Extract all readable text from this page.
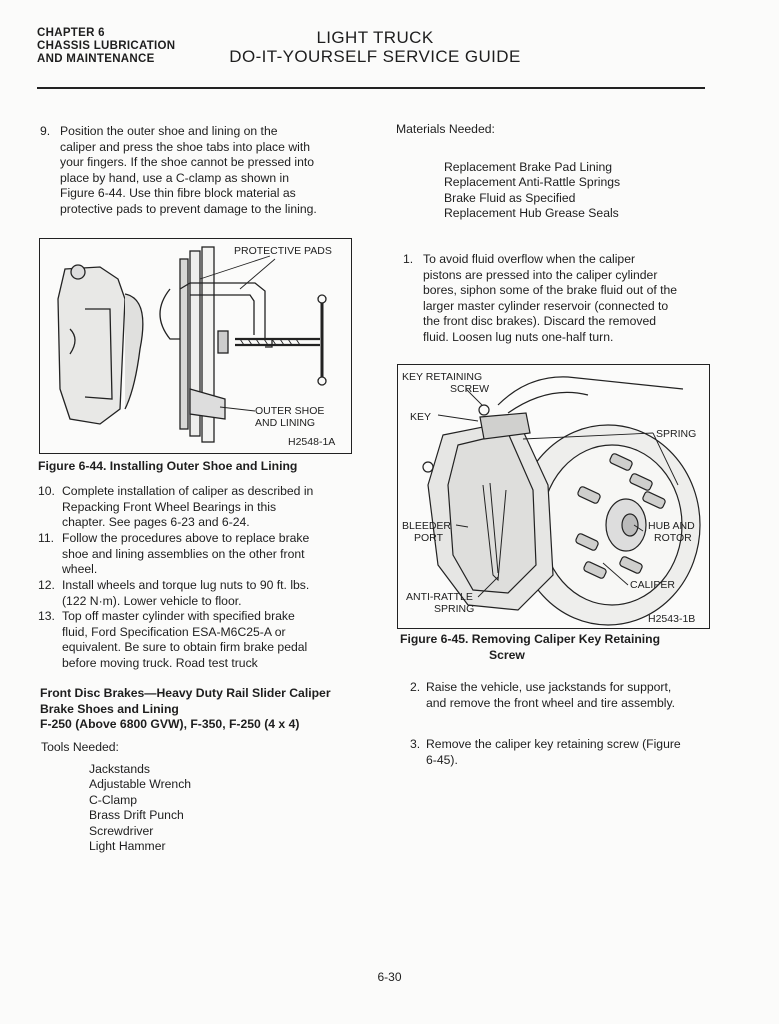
CHAPTER 6
CHASSIS LUBRICATION
AND MAINTENANCE
LIGHT TRUCK
DO-IT-YOURSELF SERVICE GUIDE
9. Position the outer shoe and lining on the
caliper and press the shoe tabs into place with
your fingers. If the shoe cannot be pressed into
place by hand, use a C-clamp as shown in
Figure 6-44. Use thin fibre block material as
protective pads to prevent damage to the lining.
PROTECTIVE PADS
OUTER SHOE
AND LINING
H2548-1A
Figure 6-44. Installing Outer Shoe and Lining
10. Complete installation of caliper as described in
Repacking Front Wheel Bearings in this
chapter. See pages 6-23 and 6-24.
11. Follow the procedures above to replace brake
shoe and lining assemblies on the other front
wheel.
12. Install wheels and torque lug nuts to 90 ft. lbs.
(122 N·m). Lower vehicle to floor.
13. Top off master cylinder with specified brake
fluid, Ford Specification ESA-M6C25-A or
equivalent. Be sure to obtain firm brake pedal
before moving truck. Road test truck
Front Disc Brakes—Heavy Duty Rail Slider Caliper
Brake Shoes and Lining
F-250 (Above 6800 GVW), F-350, F-250 (4 x 4)
Tools Needed:
Jackstands
Adjustable Wrench
C-Clamp
Brass Drift Punch
Screwdriver
Light Hammer
Materials Needed:
Replacement Brake Pad Lining
Replacement Anti-Rattle Springs
Brake Fluid as Specified
Replacement Hub Grease Seals
1. To avoid fluid overflow when the caliper
pistons are pressed into the caliper cylinder
bores, siphon some of the brake fluid out of the
larger master cylinder reservoir (connected to
the front disc brakes). Discard the removed
fluid. Loosen lug nuts one-half turn.
KEY RETAINING
SCREW
KEY
SPRING
BLEEDER
PORT
HUB AND
ROTOR
CALIPER
ANTI-RATTLE
SPRING
H2543-1B
Figure 6-45. Removing Caliper Key Retaining
Screw
2. Raise the vehicle, use jackstands for support,
and remove the front wheel and tire assembly.
3. Remove the caliper key retaining screw (Figure
6-45).
6-30
